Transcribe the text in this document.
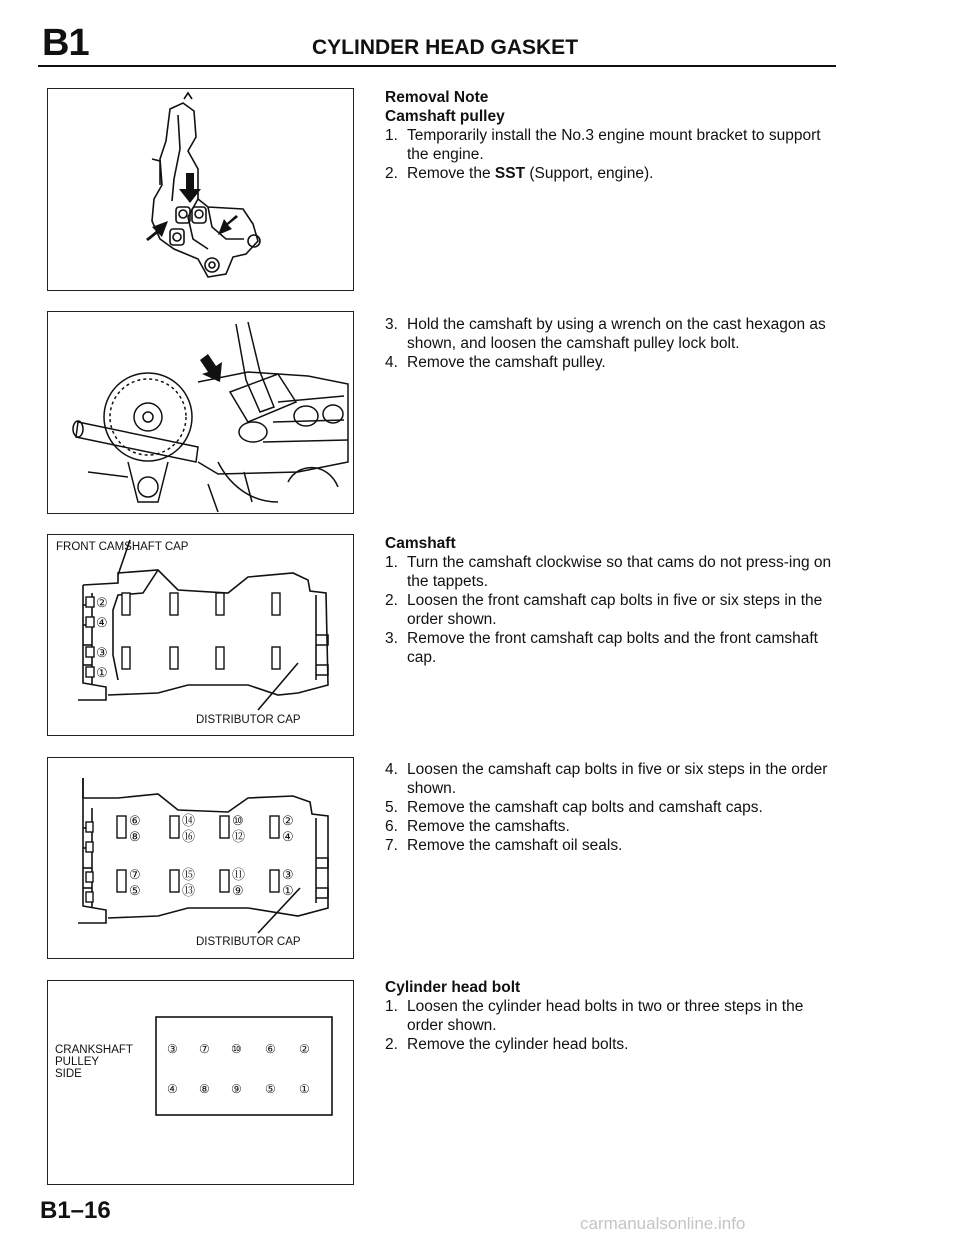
B1	CYLINDER HEAD GASKET
FRONT CAMSHAFT CAP
DISTRIBUTOR CAP
②
④
③
①
DISTRIBUTOR CAP
⑥	⑭	⑩	②
⑧	⑯	⑫	④
⑦	⑮	⑪	③
⑤	⑬	⑨	①
CRANKSHAFT
PULLEY
SIDE
③ ⑦ ⑩ ⑥ ②
④ ⑧ ⑨ ⑤ ①
Removal Note
Camshaft pulley
1. Temporarily install the No.3 engine mount bracket to support the engine.
2. Remove the SST (Support, engine).
3. Hold the camshaft by using a wrench on the cast hexagon as shown, and loosen the camshaft pulley lock bolt.
4. Remove the camshaft pulley.
Camshaft
1. Turn the camshaft clockwise so that cams do not press-ing on the tappets.
2. Loosen the front camshaft cap bolts in five or six steps in the order shown.
3. Remove the front camshaft cap bolts and the front camshaft cap.
4. Loosen the camshaft cap bolts in five or six steps in the order shown.
5. Remove the camshaft cap bolts and camshaft caps.
6. Remove the camshafts.
7. Remove the camshaft oil seals.
Cylinder head bolt
1. Loosen the cylinder head bolts in two or three steps in the order shown.
2. Remove the cylinder head bolts.
B1–16	carmanualsonline.info
